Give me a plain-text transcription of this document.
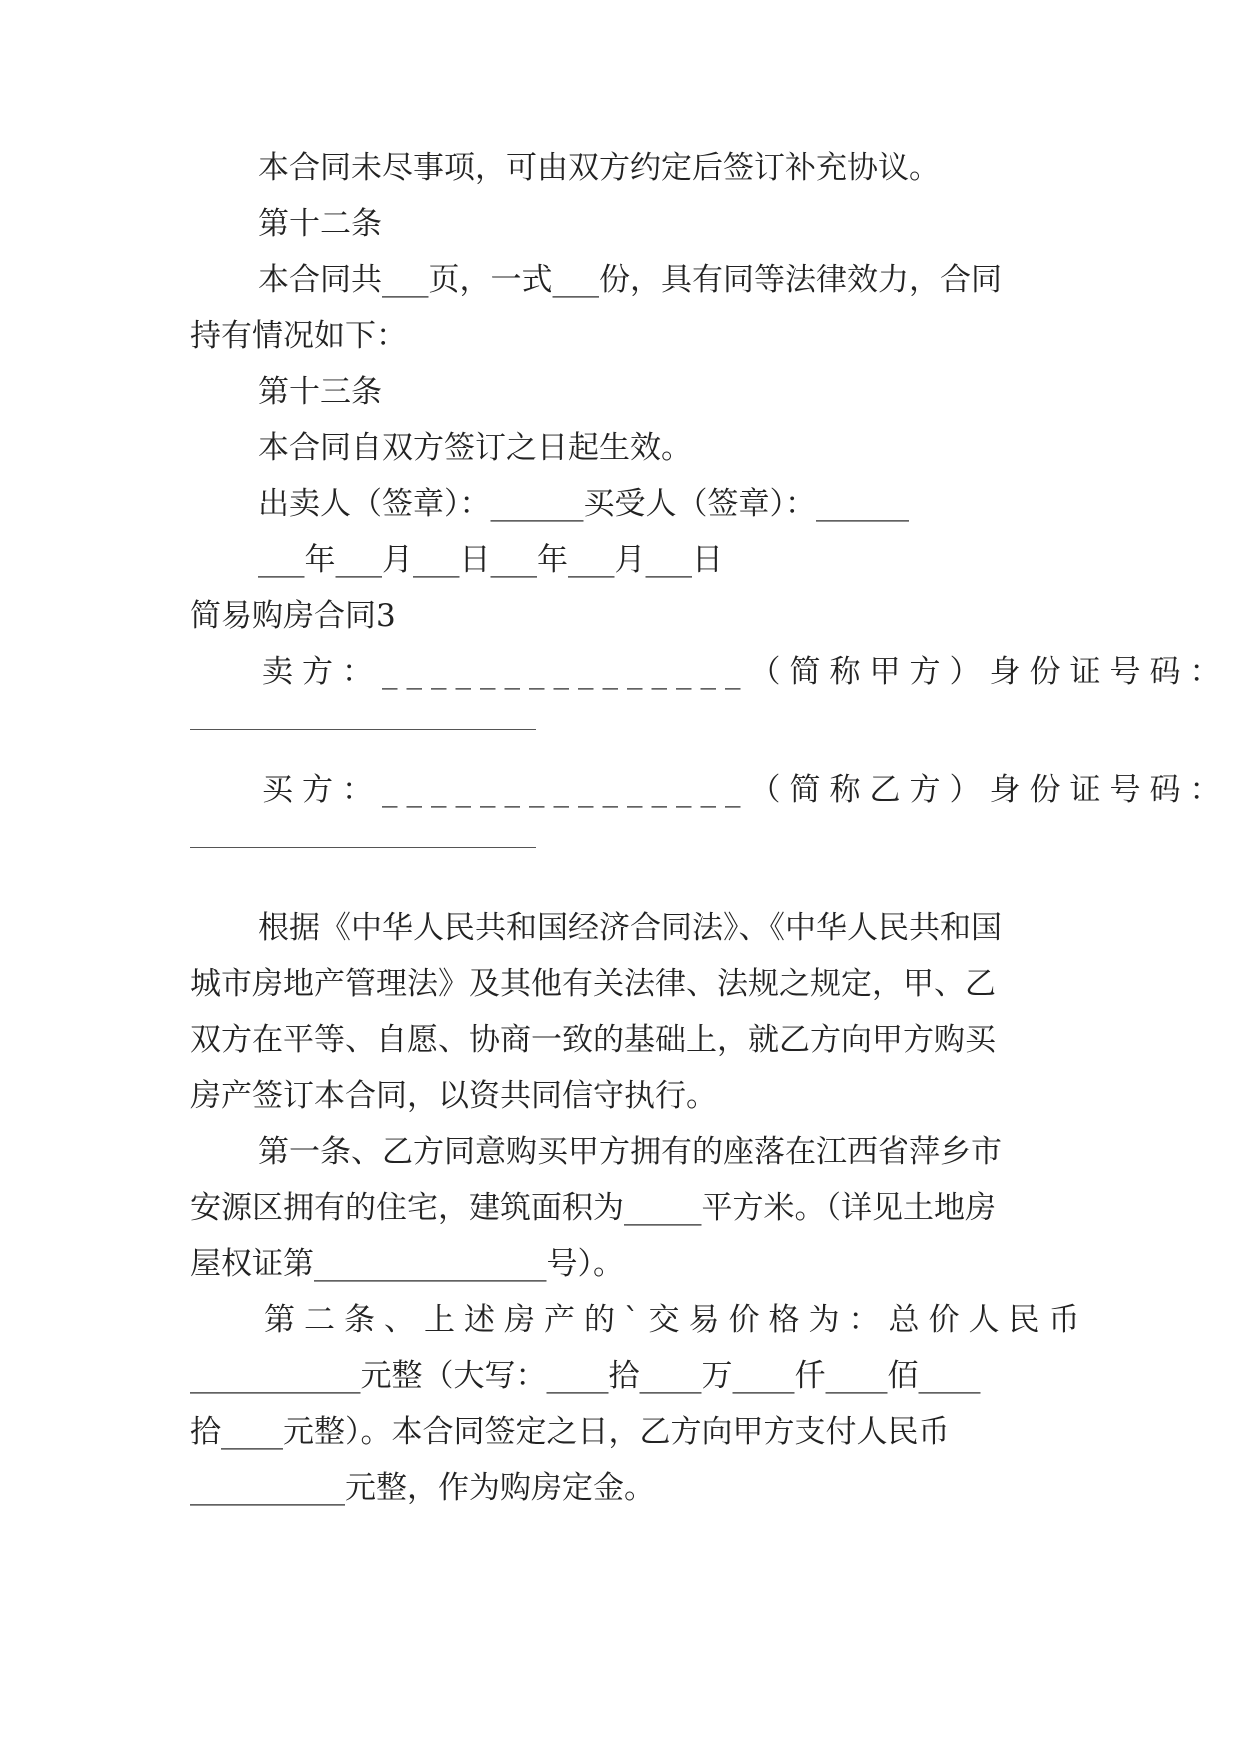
本合同未尽事项，可由双方约定后签订补充协议。
第十二条
本合同共___页，一式___份，具有同等法律效力，合同
持有情况如下：
第十三条
本合同自双方签订之日起生效。
出卖人（签章）：______买受人（签章）：______
___年___月___日___年___月___日
简易购房合同3
卖方：_______________（简称甲方）身份证号码：
买方：_______________（简称乙方）身份证号码：
根据《中华人民共和国经济合同法》、《中华人民共和国
城市房地产管理法》及其他有关法律、法规之规定，甲、乙
双方在平等、自愿、协商一致的基础上，就乙方向甲方购买
房产签订本合同，以资共同信守执行。
第一条、乙方同意购买甲方拥有的座落在江西省萍乡市
安源区拥有的住宅，建筑面积为_____平方米。（详见土地房
屋权证第_______________号）。
第二条、上述房产的`交易价格为：总价人民币
___________元整（大写：____拾____万____仟____佰____
拾____元整）。本合同签定之日，乙方向甲方支付人民币
__________元整，作为购房定金。
